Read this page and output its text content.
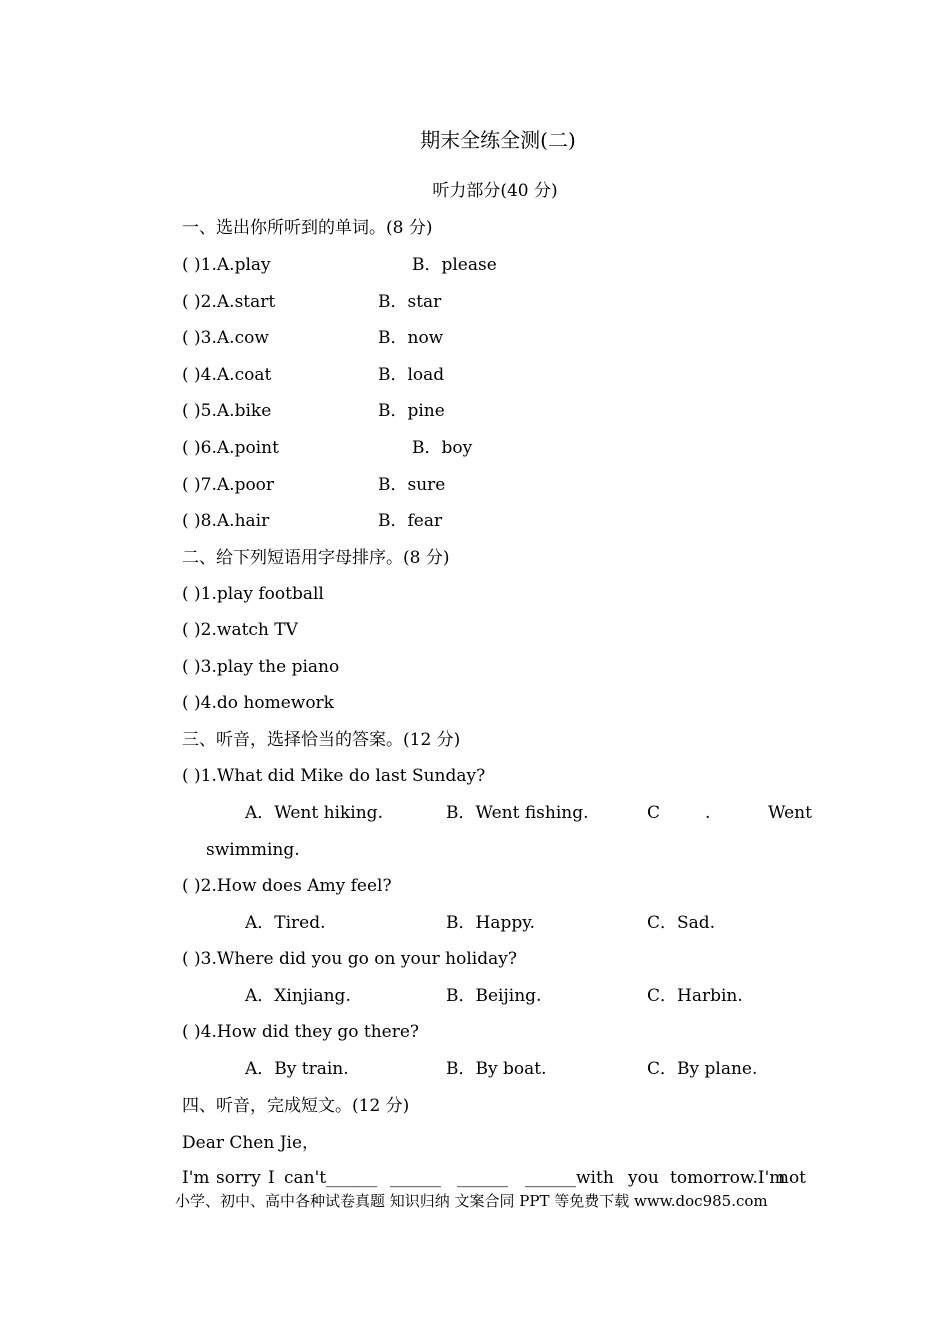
期末全练全测(二)
听力部分(40 分)
一、选出你所听到的单词。(8 分)
( )1.A.play	B．please
( )2.A.start	B．star
( )3.A.cow	B．now
( )4.A.coat	B．load
( )5.A.bike	B．pine
( )6.A.point	B．boy
( )7.A.poor	B．sure
( )8.A.hair	B．fear
二、给下列短语用字母排序。(8 分)
( )1.play football
( )2.watch TV
( )3.play the piano
( )4.do homework
三、听音，选择恰当的答案。(12 分)
( )1.What did Mike do last Sunday?
A．Went hiking.	B．Went fishing.	C	.	Went
swimming.
( )2.How does Amy feel?
A．Tired.	B．Happy.	C．Sad.
( )3.Where did you go on your holiday?
A．Xinjiang.	B．Beijing.	C．Harbin.
( )4.How did they go there?
A．By train.	B．By boat.	C．By plane.
四、听音，完成短文。(12 分)
Dear Chen Jie，
I'm sorry I can't______ ______ ______ ______with you tomorrow.I'm
not
小学、初中、高中各种试卷真题 知识归纳 文案合同 PPT 等免费下载 www.doc985.com
